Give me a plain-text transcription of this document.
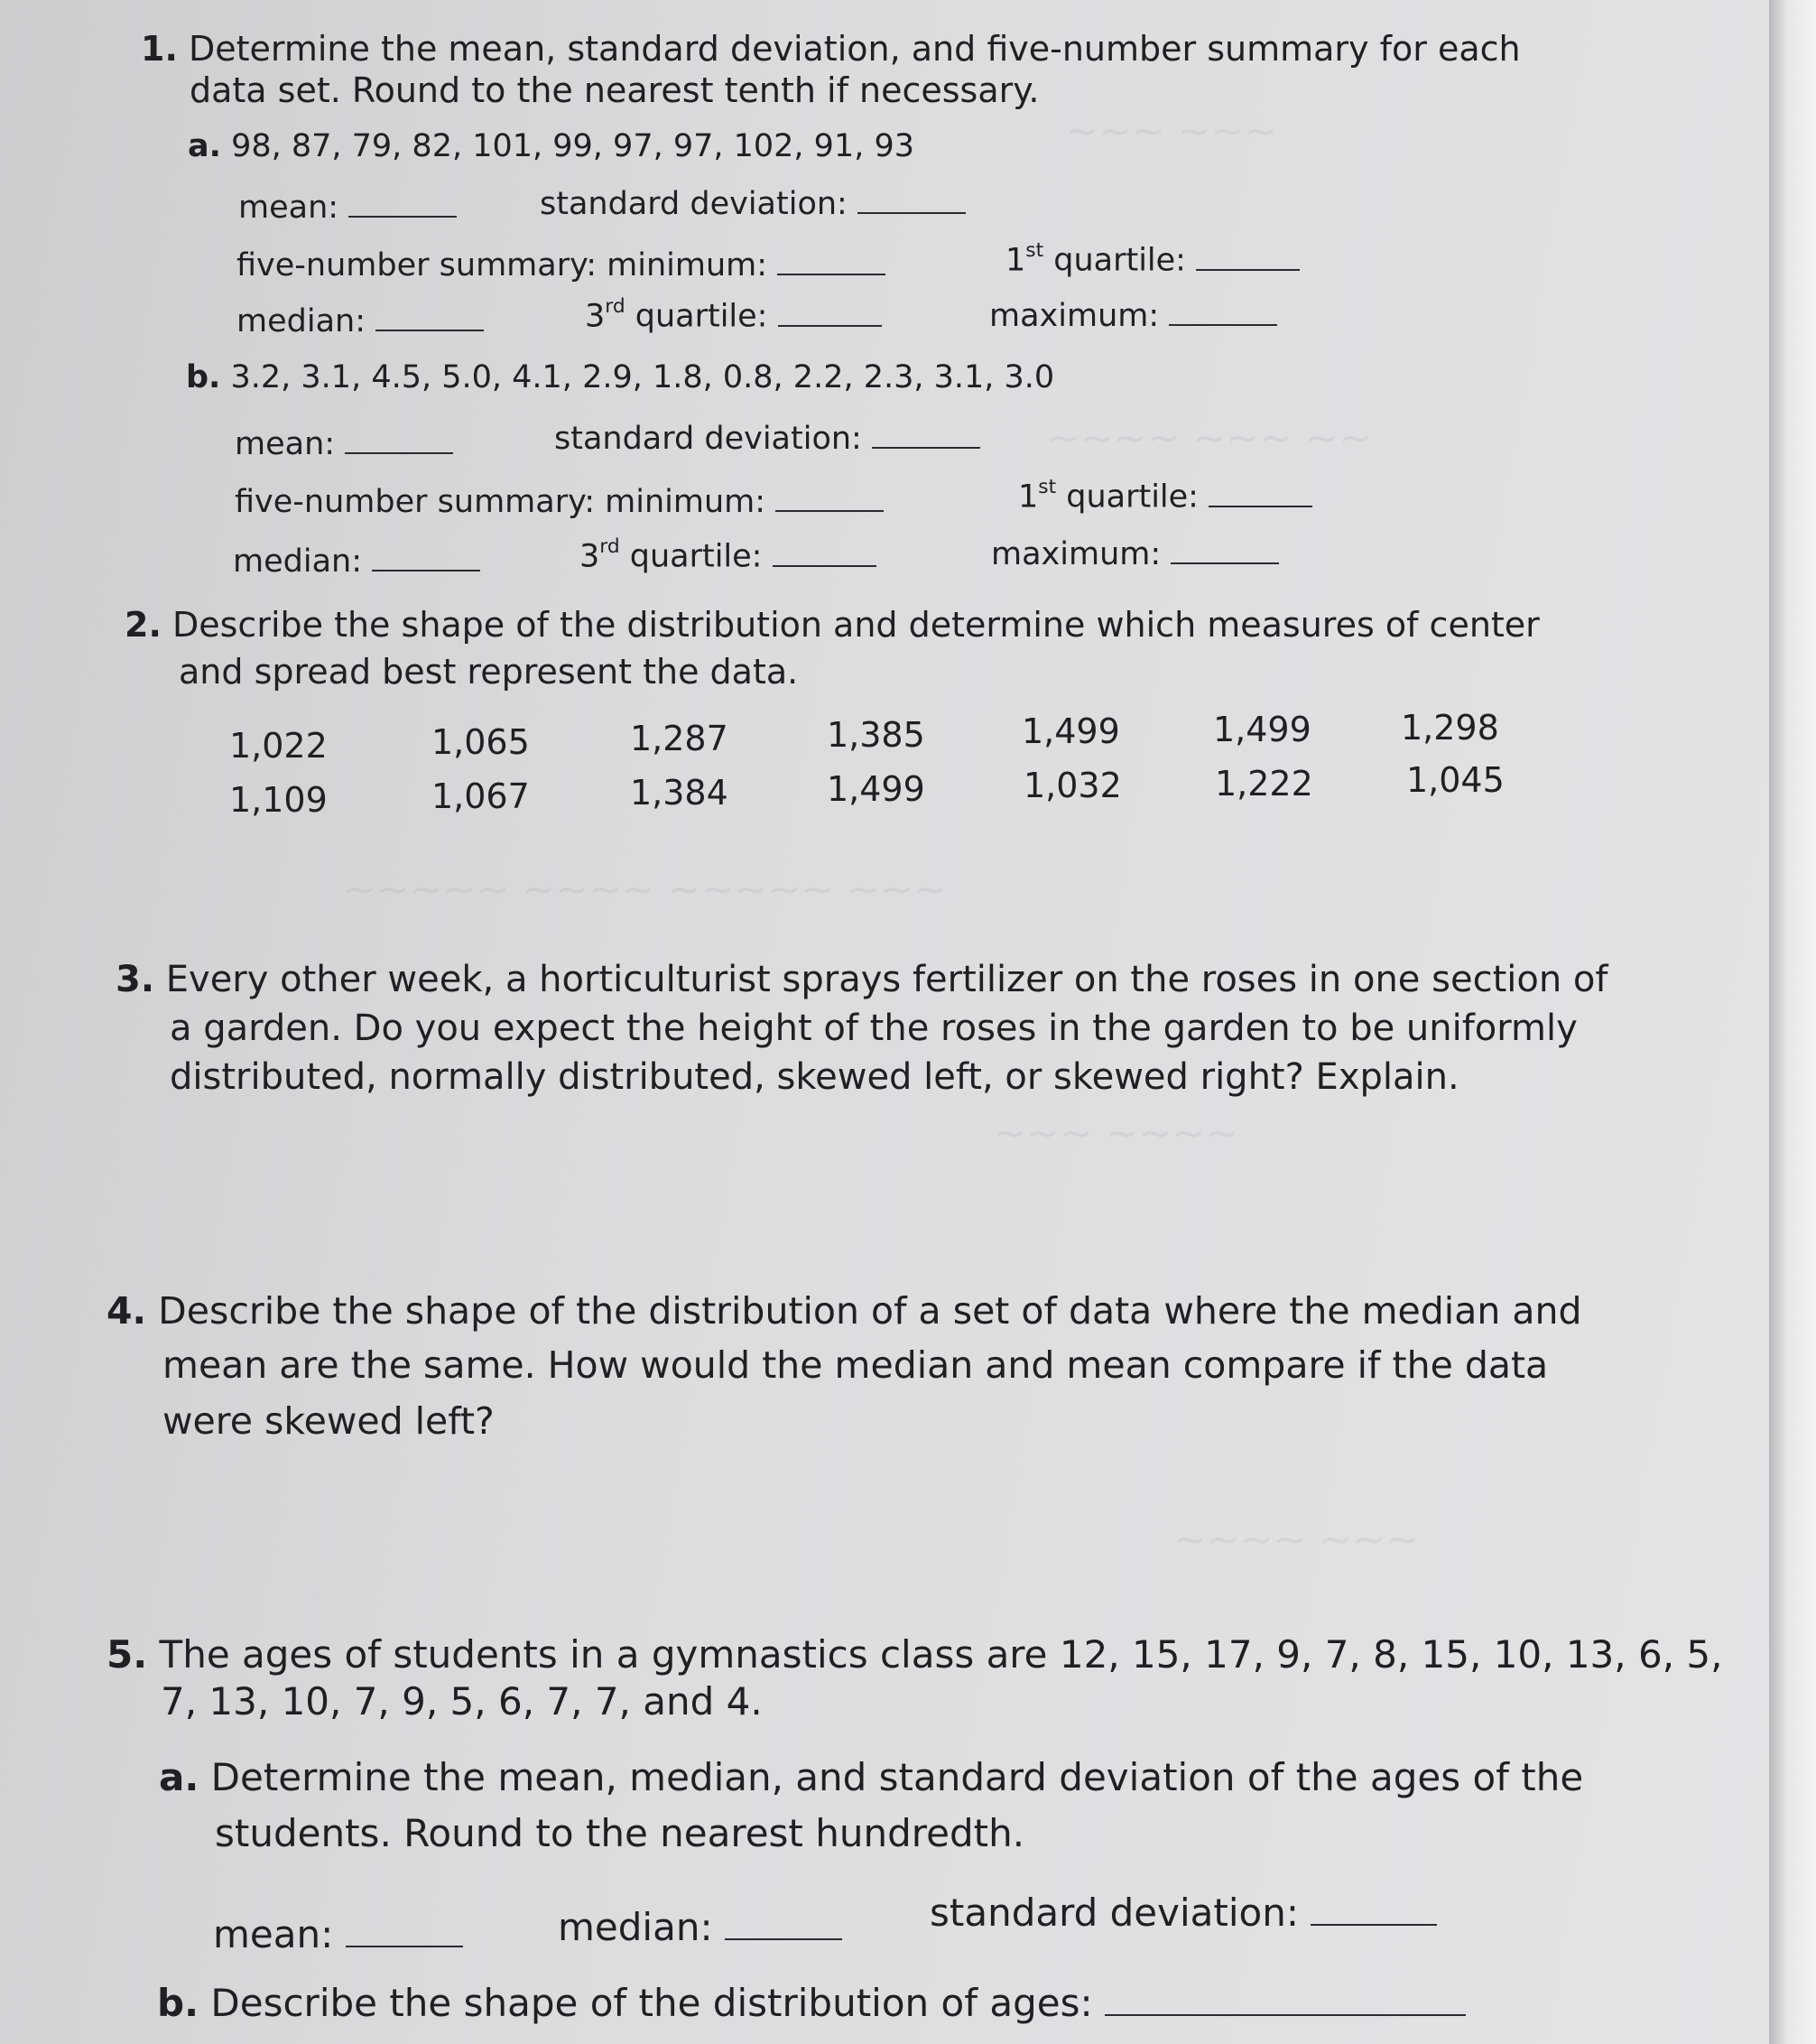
∼∼∼ ∼∼∼
∼∼∼∼ ∼∼∼ ∼∼
∼∼∼∼∼ ∼∼∼∼ ∼∼∼∼∼ ∼∼∼
∼∼∼ ∼∼∼∼
∼∼∼∼ ∼∼∼
1. Determine the mean, standard deviation, and five-number summary for each
data set. Round to the nearest tenth if necessary.
a. 98, 87, 79, 82, 101, 99, 97, 97, 102, 91, 93
mean:	standard deviation:
five-number summary: minimum:	1st quartile:
median:	3rd quartile:	maximum:
b. 3.2, 3.1, 4.5, 5.0, 4.1, 2.9, 1.8, 0.8, 2.2, 2.3, 3.1, 3.0
mean:	standard deviation:
five-number summary: minimum:	1st quartile:
median:	3rd quartile:	maximum:
2. Describe the shape of the distribution and determine which measures of center
and spread best represent the data.
1,022	1,065	1,287	1,385	1,499	1,499	1,298
1,109	1,067	1,384	1,499	1,032	1,222	1,045
3. Every other week, a horticulturist sprays fertilizer on the roses in one section of
a garden. Do you expect the height of the roses in the garden to be uniformly
distributed, normally distributed, skewed left, or skewed right? Explain.
4. Describe the shape of the distribution of a set of data where the median and
mean are the same. How would the median and mean compare if the data
were skewed left?
5. The ages of students in a gymnastics class are 12, 15, 17, 9, 7, 8, 15, 10, 13, 6, 5,
7, 13, 10, 7, 9, 5, 6, 7, 7, and 4.
a. Determine the mean, median, and standard deviation of the ages of the
students. Round to the nearest hundredth.
mean:	median:	standard deviation:
b. Describe the shape of the distribution of ages:
